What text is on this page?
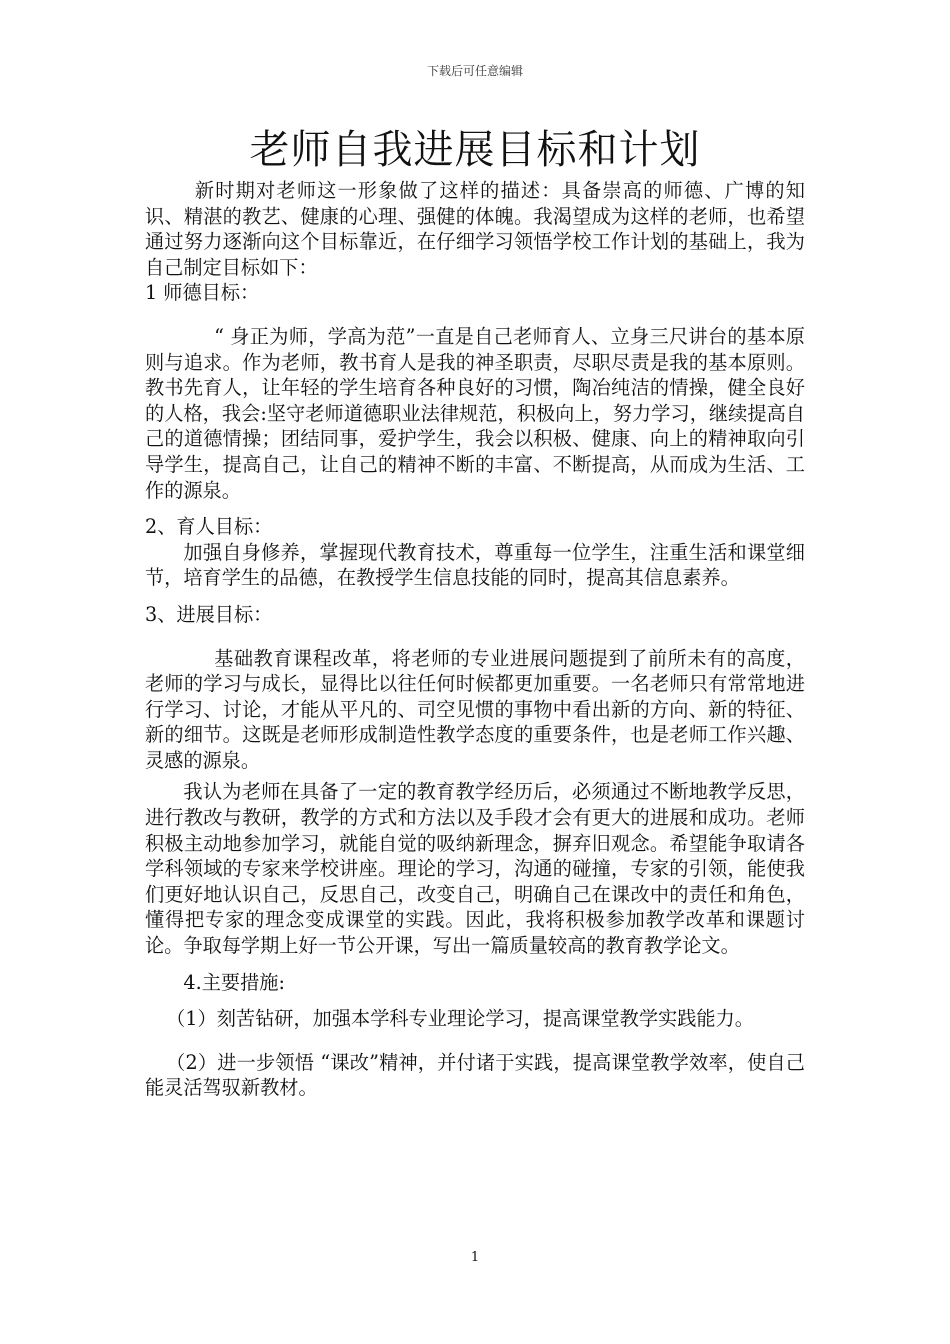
下载后可任意编辑
老师自我进展目标和计划

新时期对老师这一形象做了这样的描述：具备崇高的师德、广博的知识、精湛的教艺、健康的心理、强健的体魄。我渴望成为这样的老师，也希望通过努力逐渐向这个目标靠近，在仔细学习领悟学校工作计划的基础上，我为自己制定目标如下：

1 师德目标：

“ 身正为师，学高为范”一直是自己老师育人、立身三尺讲台的基本原则与追求。作为老师，教书育人是我的神圣职责，尽职尽责是我的基本原则。教书先育人，让年轻的学生培育各种良好的习惯，陶冶纯洁的情操，健全良好的人格，我会:坚守老师道德职业法律规范，积极向上，努力学习，继续提高自己的道德情操；团结同事，爱护学生，我会以积极、健康、向上的精神取向引导学生，提高自己，让自己的精神不断的丰富、不断提高，从而成为生活、工作的源泉。

2、育人目标：

加强自身修养，掌握现代教育技术，尊重每一位学生，注重生活和课堂细节，培育学生的品德，在教授学生信息技能的同时，提高其信息素养。

3、进展目标：

基础教育课程改革，将老师的专业进展问题提到了前所未有的高度，老师的学习与成长，显得比以往任何时候都更加重要。一名老师只有常常地进行学习、讨论，才能从平凡的、司空见惯的事物中看出新的方向、新的特征、新的细节。这既是老师形成制造性教学态度的重要条件，也是老师工作兴趣、灵感的源泉。

我认为老师在具备了一定的教育教学经历后，必须通过不断地教学反思，进行教改与教研，教学的方式和方法以及手段才会有更大的进展和成功。老师积极主动地参加学习，就能自觉的吸纳新理念，摒弃旧观念。希望能争取请各学科领域的专家来学校讲座。理论的学习，沟通的碰撞，专家的引领，能使我们更好地认识自己，反思自己，改变自己，明确自己在课改中的责任和角色，懂得把专家的理念变成课堂的实践。因此，我将积极参加教学改革和课题讨论。争取每学期上好一节公开课，写出一篇质量较高的教育教学论文。

4.主要措施:

（1）刻苦钻研，加强本学科专业理论学习，提高课堂教学实践能力。

（2）进一步领悟 “课改”精神，并付诸于实践，提高课堂教学效率，使自己能灵活驾驭新教材。

1
